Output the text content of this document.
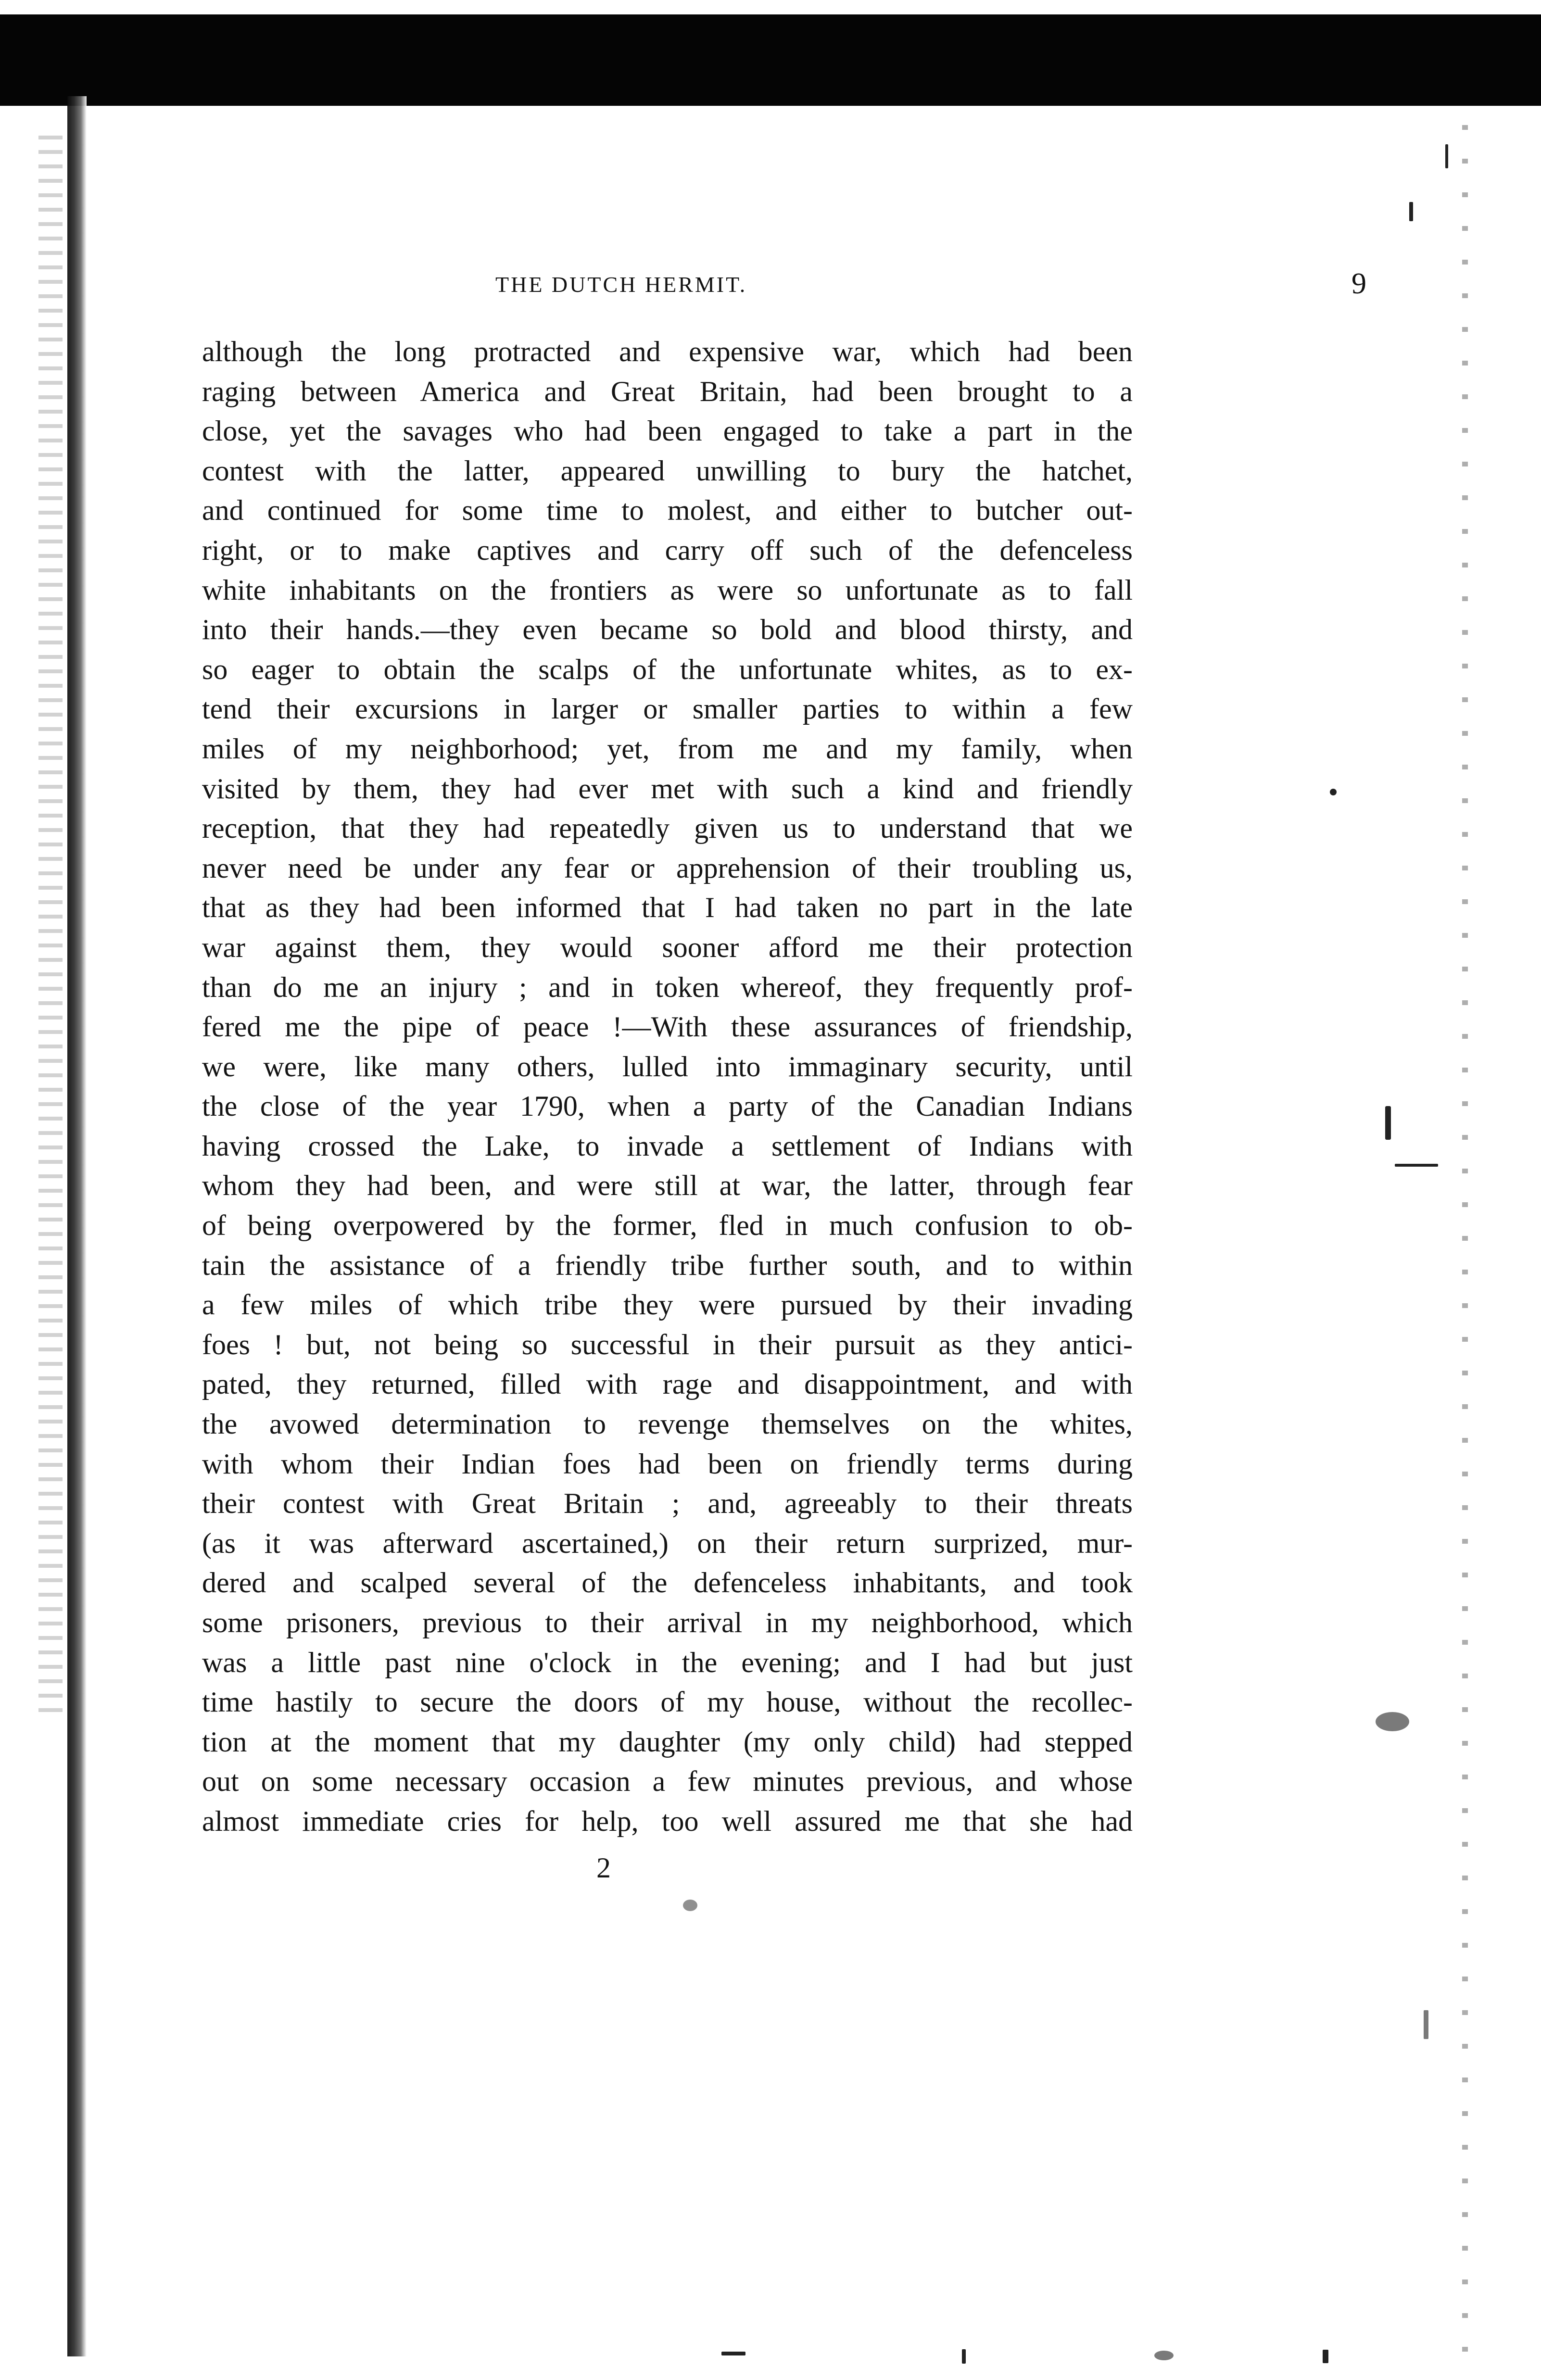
THE DUTCH HERMIT.	9
although the long protracted and expensive war, which had been
raging between America and Great Britain, had been brought to a
close, yet the savages who had been engaged to take a part in the
contest with the latter, appeared unwilling to bury the hatchet,
and continued for some time to molest, and either to butcher out-
right, or to make captives and carry off such of the defenceless
white inhabitants on the frontiers as were so unfortunate as to fall
into their hands.—they even became so bold and blood thirsty, and
so eager to obtain the scalps of the unfortunate whites, as to ex-
tend their excursions in larger or smaller parties to within a few
miles of my neighborhood; yet, from me and my family, when
visited by them, they had ever met with such a kind and friendly
reception, that they had repeatedly given us to understand that we
never need be under any fear or apprehension of their troubling us,
that as they had been informed that I had taken no part in the late
war against them, they would sooner afford me their protection
than do me an injury ; and in token whereof, they frequently prof-
fered me the pipe of peace !—With these assurances of friendship,
we were, like many others, lulled into immaginary security, until
the close of the year 1790, when a party of the Canadian Indians
having crossed the Lake, to invade a settlement of Indians with
whom they had been, and were still at war, the latter, through fear
of being overpowered by the former, fled in much confusion to ob-
tain the assistance of a friendly tribe further south, and to within
a few miles of which tribe they were pursued by their invading
foes ! but, not being so successful in their pursuit as they antici-
pated, they returned, filled with rage and disappointment, and with
the avowed determination to revenge themselves on the whites,
with whom their Indian foes had been on friendly terms during
their contest with Great Britain ; and, agreeably to their threats
(as it was afterward ascertained,) on their return surprized, mur-
dered and scalped several of the defenceless inhabitants, and took
some prisoners, previous to their arrival in my neighborhood, which
was a little past nine o'clock in the evening; and I had but just
time hastily to secure the doors of my house, without the recollec-
tion at the moment that my daughter (my only child) had stepped
out on some necessary occasion a few minutes previous, and whose
almost immediate cries for help, too well assured me that she had
2
